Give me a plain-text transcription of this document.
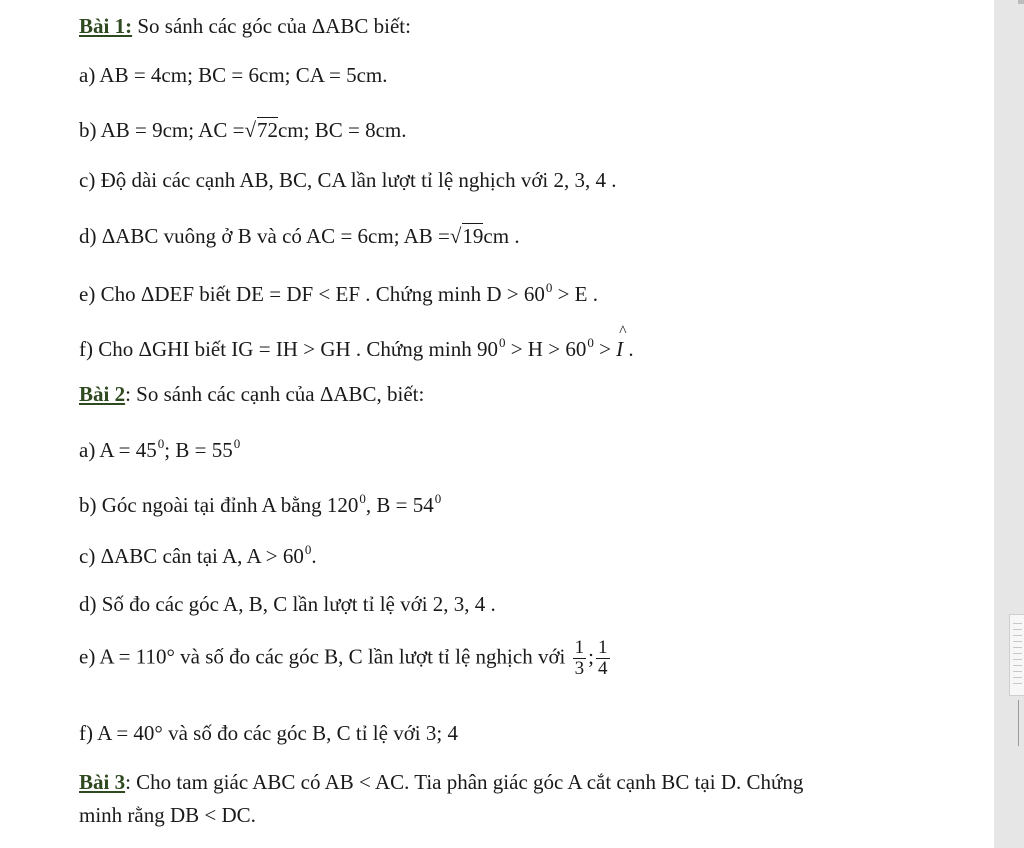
Bài 1: So sánh các góc của ΔABC biết:
a) AB = 4cm; BC = 6cm; CA = 5cm.
b) AB = 9cm; AC =√72cm; BC = 8cm.
c) Độ dài các cạnh AB, BC, CA lần lượt tỉ lệ nghịch với 2, 3, 4 .
d) ΔABC vuông ở B và có AC = 6cm; AB =√19cm .
e) Cho ΔDEF biết DE = DF < EF . Chứng minh $D > 60^0 > E$ .
f) Cho ΔGHI biết IG = IH > GH . Chứng minh $90^0 > H > 60^0$ > ^ I .
Bài 2: So sánh các cạnh của ΔABC, biết:
a) $A = 45^0$; $B = 55^0$
b) Góc ngoài tại đỉnh A bằng $120^0$, $B = 54^0$
c) ΔABC cân tại A, $A > 60^0$.
d) Số đo các góc A, B, C lần lượt tỉ lệ với 2, 3, 4 .
e) A = 110° và số đo các góc B, C lần lượt tỉ lệ nghịch với $\frac{1}{3}$ ; $\frac{1}{4}$
f) A = 40° và số đo các góc B, C tỉ lệ với 3; 4
Bài 3: Cho tam giác ABC có AB < AC. Tia phân giác góc A cắt cạnh BC tại D. Chứng
minh rằng DB < DC.
